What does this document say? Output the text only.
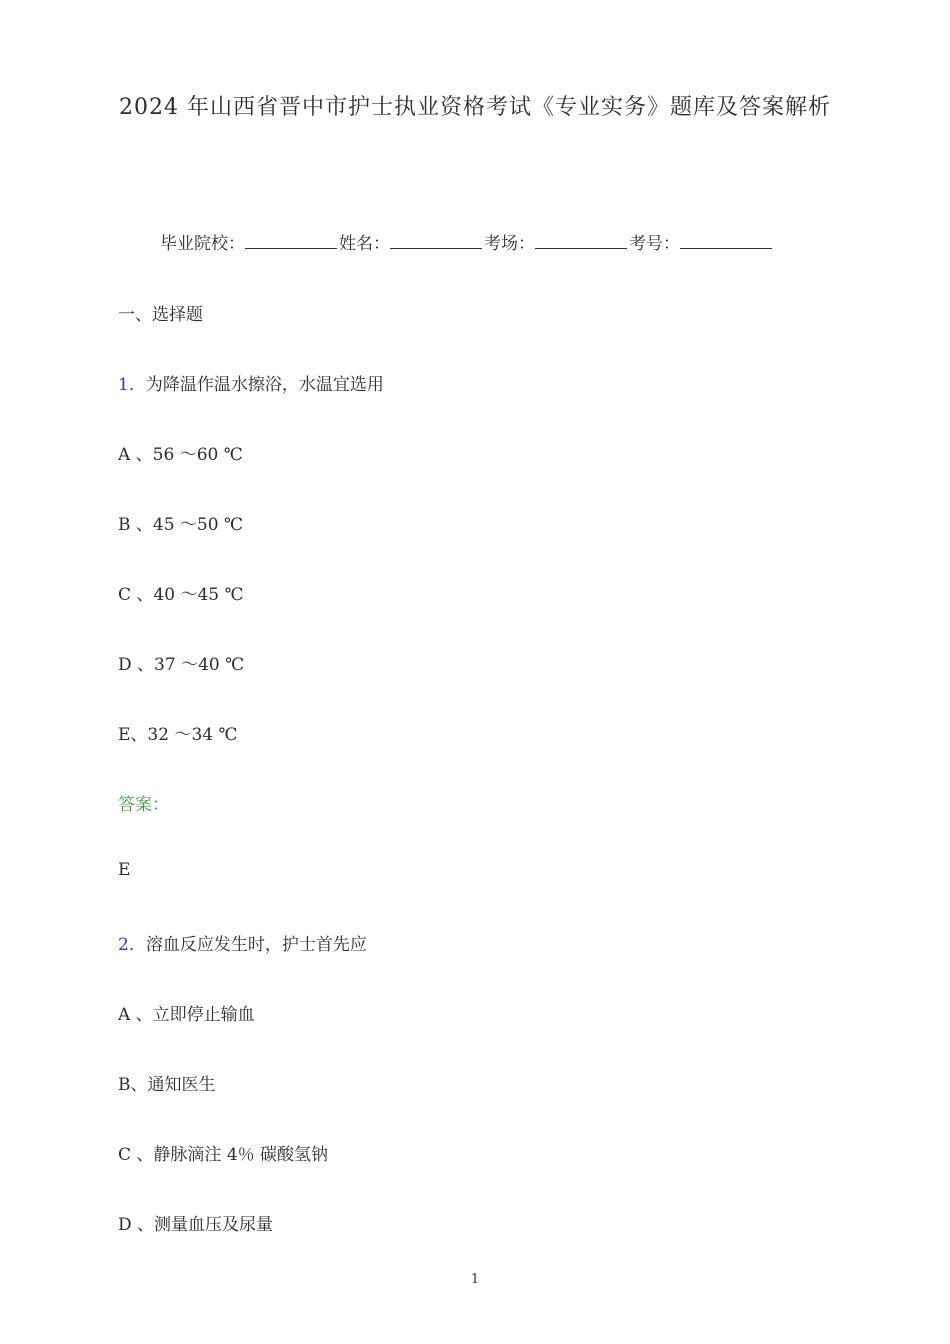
2024 年山西省晋中市护士执业资格考试《专业实务》题库及答案解析
毕业院校：	姓名：	考场：	考号：
一、选择题
1．为降温作温水擦浴，水温宜选用
A 、56 ～60 ℃
B 、45 ～50 ℃
C 、40 ～45 ℃
D 、37 ～40 ℃
E、32 ～34 ℃
答案：
E
2．溶血反应发生时，护士首先应
A 、立即停止输血
B、通知医生
C 、静脉滴注 4％ 碳酸氢钠
D 、测量血压及尿量
1
